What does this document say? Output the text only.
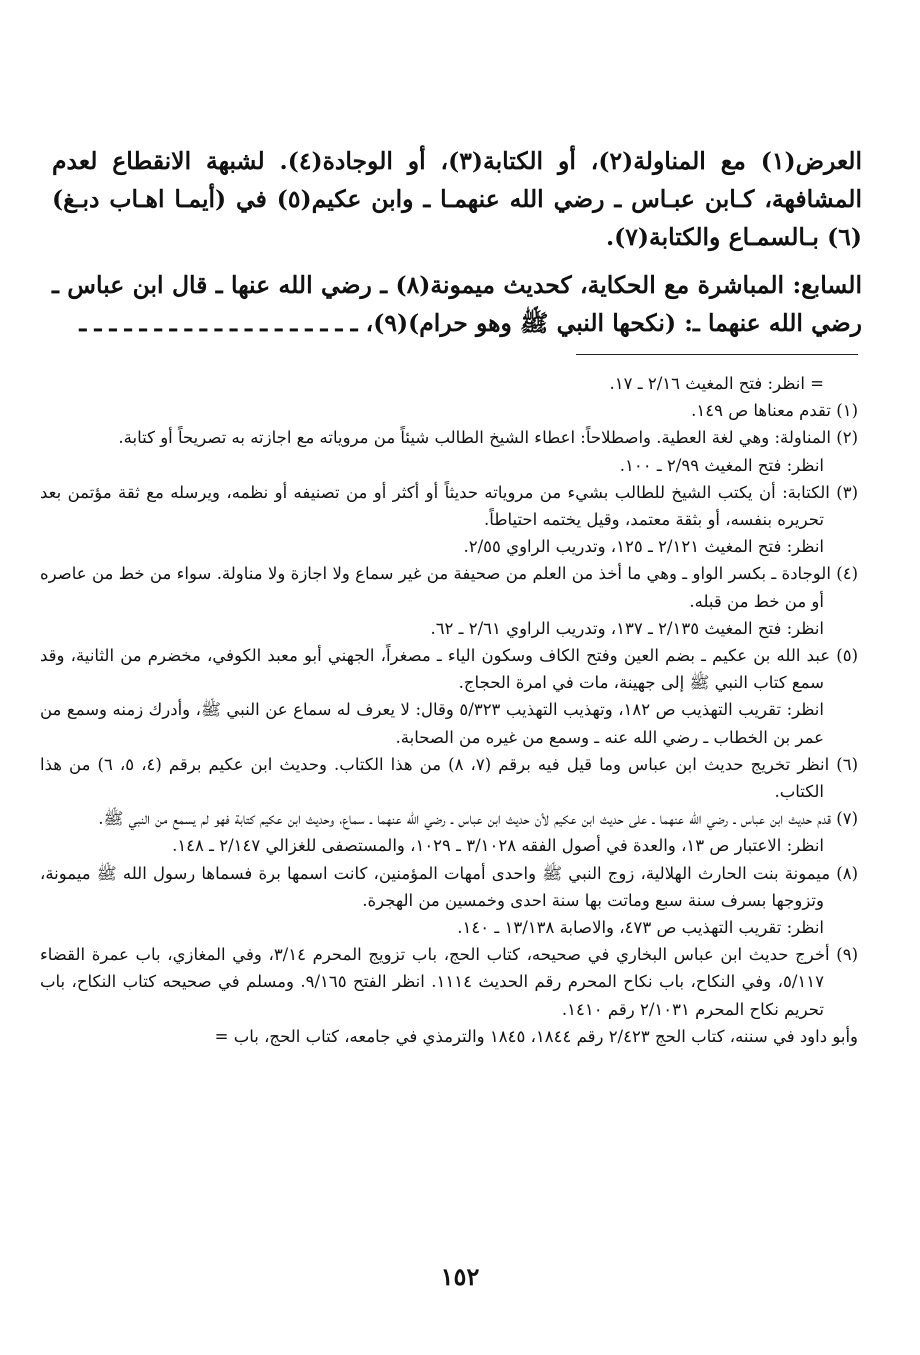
العرض(١) مع المناولة(٢)، أو الكتابة(٣)، أو الوجادة(٤). لشبهة الانقطاع لعدم المشافهة، كـابن عبـاس ـ رضي الله عنهمـا ـ وابن عكيم(٥) في (أيمـا اهـاب دبـغ)(٦) بـالسمـاع والكتابة(٧).

السابع: المباشرة مع الحكاية، كحديث ميمونة(٨) ـ رضي الله عنها ـ قال ابن عباس ـ رضي الله عنهما ـ: (نكحها النبي ﷺ وهو حرام)(٩)، ـ ـ ـ ـ ـ ـ ـ ـ ـ ـ ـ ـ ـ ـ ـ ـ ـ ـ ـ

= انظر: فتح المغيث ٢/١٦ ـ ١٧.

(١) تقدم معناها ص ١٤٩.

(٢) المناولة: وهي لغة العطية. واصطلاحاً: اعطاء الشيخ الطالب شيئاً من مروياته مع اجازته به تصريحاً أو كتابة.

انظر: فتح المغيث ٢/٩٩ ـ ١٠٠.

(٣) الكتابة: أن يكتب الشيخ للطالب بشيء من مروياته حديثاً أو أكثر أو من تصنيفه أو نظمه، ويرسله مع ثقة مؤتمن بعد تحريره بنفسه، أو بثقة معتمد، وقيل يختمه احتياطاً.

انظر: فتح المغيث ٢/١٢١ ـ ١٢٥، وتدريب الراوي ٢/٥٥.

(٤) الوجادة ـ بكسر الواو ـ وهي ما أخذ من العلم من صحيفة من غير سماع ولا اجازة ولا مناولة. سواء من خط من عاصره أو من خط من قبله.

انظر: فتح المغيث ٢/١٣٥ ـ ١٣٧، وتدريب الراوي ٢/٦١ ـ ٦٢.

(٥) عبد الله بن عكيم ـ بضم العين وفتح الكاف وسكون الياء ـ مصغراً، الجهني أبو معبد الكوفي، مخضرم من الثانية، وقد سمع كتاب النبي ﷺ إلى جهينة، مات في امرة الحجاج.

انظر: تقريب التهذيب ص ١٨٢، وتهذيب التهذيب ٥/٣٢٣ وقال: لا يعرف له سماع عن النبي ﷺ، وأدرك زمنه وسمع من عمر بن الخطاب ـ رضي الله عنه ـ وسمع من غيره من الصحابة.

(٦) انظر تخريج حديث ابن عباس وما قيل فيه برقم (٧، ٨) من هذا الكتاب. وحديث ابن عكيم برقم (٤، ٥، ٦) من هذا الكتاب.

(٧) قدم حديث ابن عباس ـ رضي الله عنهما ـ على حديث ابن عكيم لأن حديث ابن عباس ـ رضي الله عنهما ـ سماع، وحديث ابن عكيم كتابة فهو لم يسمع من النبي ﷺ.

انظر: الاعتبار ص ١٣، والعدة في أصول الفقه ٣/١٠٢٨ ـ ١٠٢٩، والمستصفى للغزالي ٢/١٤٧ ـ ١٤٨.

(٨) ميمونة بنت الحارث الهلالية، زوج النبي ﷺ واحدى أمهات المؤمنين، كانت اسمها برة فسماها رسول الله ﷺ ميمونة، وتزوجها بسرف سنة سبع وماتت بها سنة احدى وخمسين من الهجرة.

انظر: تقريب التهذيب ص ٤٧٣، والاصابة ١٣/١٣٨ ـ ١٤٠.

(٩) أخرج حديث ابن عباس البخاري في صحيحه، كتاب الحج، باب تزويج المحرم ٣/١٤، وفي المغازي، باب عمرة القضاء ٥/١١٧، وفي النكاح، باب نكاح المحرم رقم الحديث ١١١٤. انظر الفتح ٩/١٦٥. ومسلم في صحيحه كتاب النكاح، باب تحريم نكاح المحرم ٢/١٠٣١ رقم ١٤١٠.

وأبو داود في سننه، كتاب الحج ٢/٤٢٣ رقم ١٨٤٤، ١٨٤٥ والترمذي في جامعه، كتاب الحج، باب =

١٥٢
